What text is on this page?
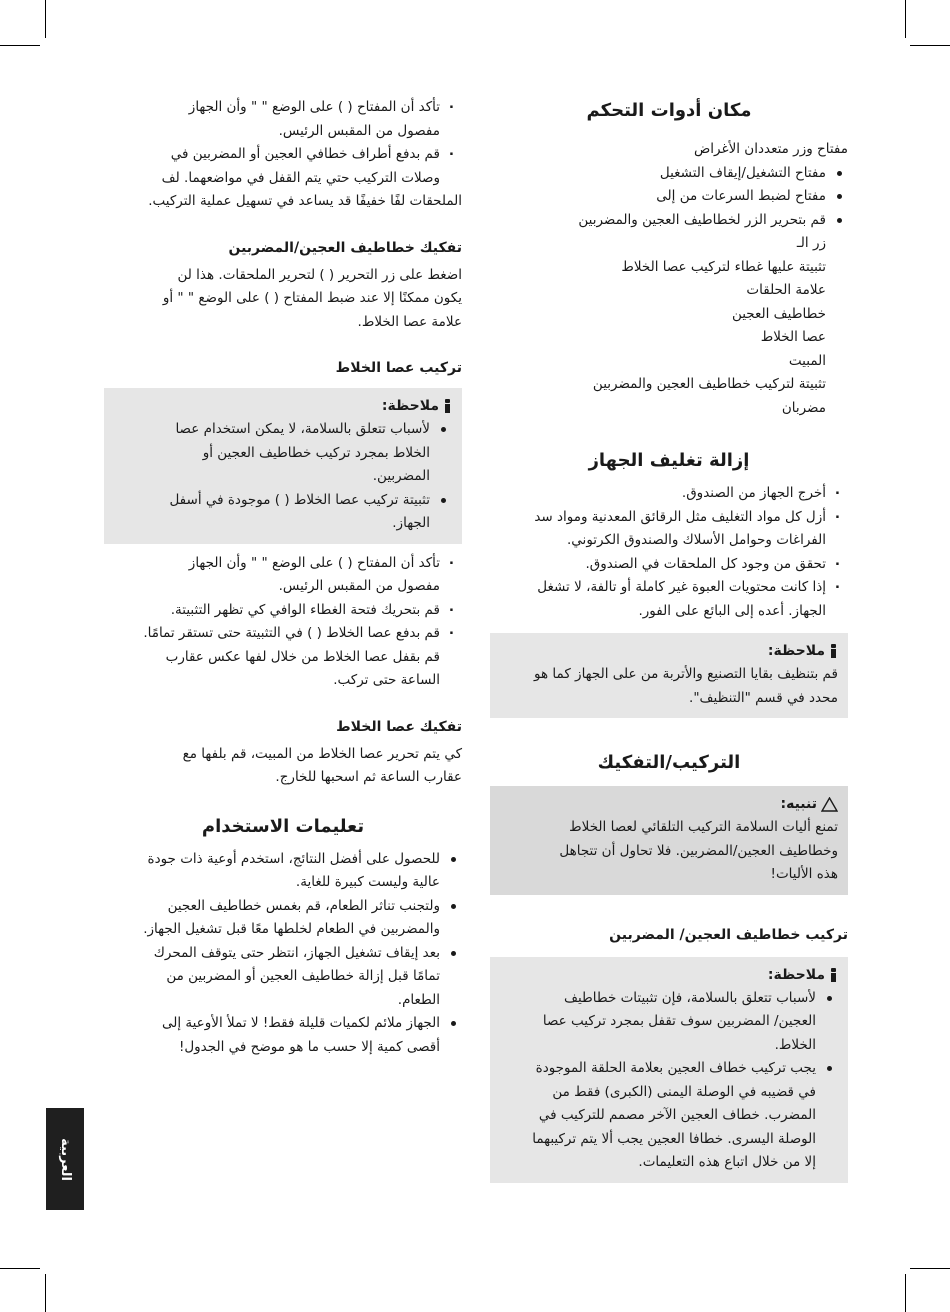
العربية
مكان أدوات التحكم
مفتاح وزر متعددان الأغراض
مفتاح التشغيل/إيقاف التشغيل
مفتاح لضبط السرعات من إلى
قم بتحرير الزر لخطاطيف العجين والمضربين
زر الـ
تثبيتة عليها غطاء لتركيب عصا الخلاط
علامة الحلقات
خطاطيف العجين
عصا الخلاط
المبيت
تثبيتة لتركيب خطاطيف العجين والمضربين
مضربان
إزالة تغليف الجهاز
. أخرج الجهاز من الصندوق.
. أزل كل مواد التغليف مثل الرقائق المعدنية ومواد سد
الفراغات وحوامل الأسلاك والصندوق الكرتوني.
. تحقق من وجود كل الملحقات في الصندوق.
. إذا كانت محتويات العبوة غير كاملة أو تالفة، لا تشغل
الجهاز. أعده إلى البائع على الفور.
ملاحظة:
قم بتنظيف بقايا التصنيع والأتربة من على الجهاز كما هو
محدد في قسم "التنظيف".
التركيب/التفكيك
تنبيه:
تمنع أليات السلامة التركيب التلقائي لعصا الخلاط
وخطاطيف العجين/المضربين. فلا تحاول أن تتجاهل
هذه الأليات!
تركيب خطاطيف العجين/ المضربين
ملاحظة:
لأسباب تتعلق بالسلامة، فإن تثبيتات خطاطيف
العجين/ المضربين سوف تقفل بمجرد تركيب عصا
الخلاط.
يجب تركيب خطاف العجين بعلامة الحلقة الموجودة
في قضيبه في الوصلة اليمنى (الكبرى) فقط من
المضرب. خطاف العجين الآخر مصمم للتركيب في
الوصلة اليسرى. خطافا العجين يجب ألا يتم تركيبهما
إلا من خلال اتباع هذه التعليمات.
. تأكد أن المفتاح ( ) على الوضع " " وأن الجهاز
مفصول من المقبس الرئيس.
. قم بدفع أطراف خطافي العجين أو المضربين في
وصلات التركيب حتي يتم القفل في مواضعهما. لف
الملحقات لفًا خفيفًا قد يساعد في تسهيل عملية التركيب.
تفكيك خطاطيف العجين/المضربين
اضغط على زر التحرير ( ) لتحرير الملحقات. هذا لن
يكون ممكنًا إلا عند ضبط المفتاح ( ) على الوضع " " أو
علامة عصا الخلاط.
تركيب عصا الخلاط
ملاحظة:
لأسباب تتعلق بالسلامة، لا يمكن استخدام عصا
الخلاط بمجرد تركيب خطاطيف العجين أو
المضربين.
تثبيتة تركيب عصا الخلاط ( ) موجودة في أسفل
الجهاز.
. تأكد أن المفتاح ( ) على الوضع " " وأن الجهاز
مفصول من المقبس الرئيس.
. قم بتحريك فتحة الغطاء الوافي كي تظهر التثبيتة.
. قم بدفع عصا الخلاط ( ) في التثبيتة حتى تستقر تمامًا.
قم بقفل عصا الخلاط من خلال لفها عكس عقارب
الساعة حتى تركب.
تفكيك عصا الخلاط
كي يتم تحرير عصا الخلاط من المبيت، قم بلفها مع
عقارب الساعة ثم اسحبها للخارج.
تعليمات الاستخدام
للحصول على أفضل النتائج، استخدم أوعية ذات جودة
عالية وليست كبيرة للغاية.
ولتجنب تناثر الطعام، قم بغمس خطاطيف العجين
والمضربين في الطعام لخلطها معًا قبل تشغيل الجهاز.
بعد إيقاف تشغيل الجهاز، انتظر حتى يتوقف المحرك
تمامًا قبل إزالة خطاطيف العجين أو المضربين من
الطعام.
الجهاز ملائم لكميات قليلة فقط! لا تملأ الأوعية إلى
أقصى كمية إلا حسب ما هو موضح في الجدول!
